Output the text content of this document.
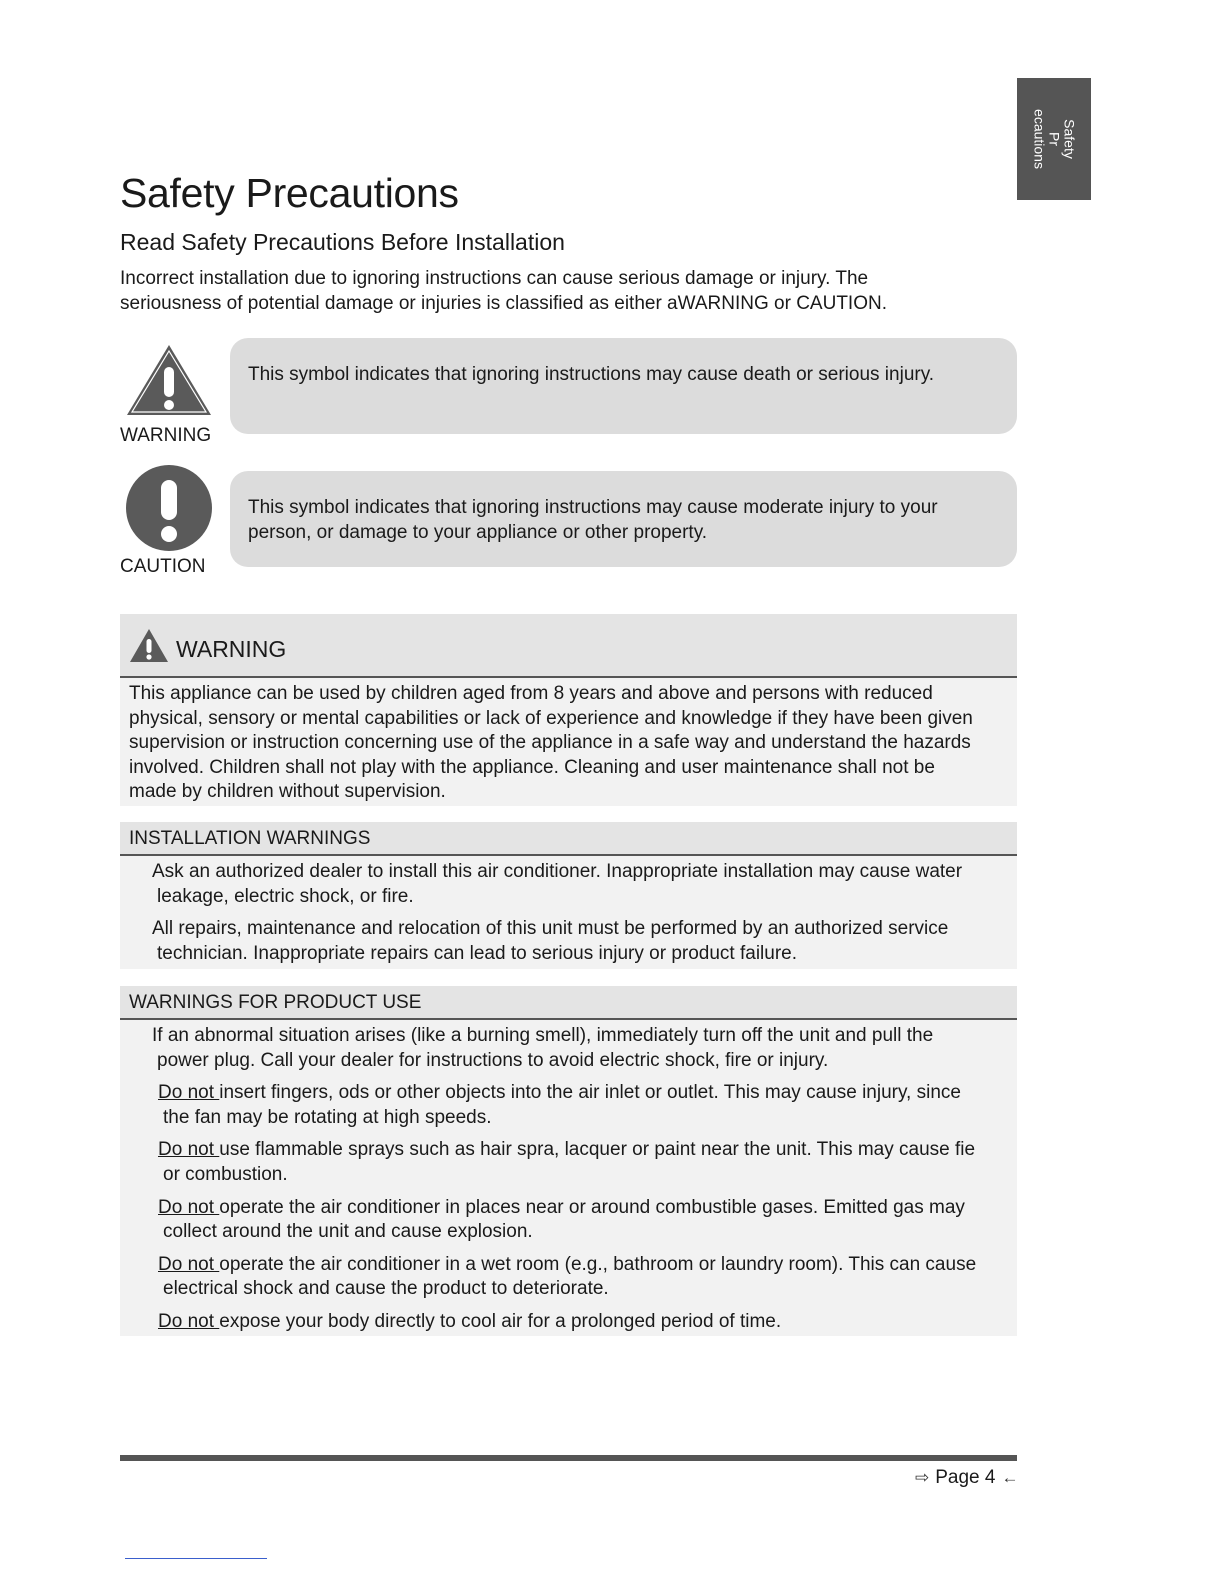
Safety
Pr
ecautions
Safety Precautions
Read Safety Precautions Before Installation

Incorrect installation due to ignoring instructions can cause serious damage or injury. The seriousness of potential damage or injuries is classified as either aWARNING or CAUTION.

WARNING
This symbol indicates that ignoring instructions may cause death or serious injury.
CAUTION
This symbol indicates that ignoring instructions may cause moderate injury to your person, or damage to your appliance or other property.
WARNING
This appliance can be used by children aged from 8 years and above and persons with reduced physical, sensory or mental capabilities or lack of experience and knowledge if they have been given supervision or instruction concerning use of the appliance in a safe way and understand the hazards involved. Children shall not play with the appliance. Cleaning and user maintenance shall not be made by children without supervision.
INSTALLATION WARNINGS

Ask an authorized dealer to install this air conditioner. Inappropriate installation may cause water leakage, electric shock, or fire.

All repairs, maintenance and relocation of this unit must be performed by an authorized service technician. Inappropriate repairs can lead to serious injury or product failure.

WARNINGS FOR PRODUCT USE

If an abnormal situation arises (like a burning smell), immediately turn off the unit and pull the power plug. Call your dealer for instructions to avoid electric shock, fire or injury.

Do not insert fingers, ods or other objects into the air inlet or outlet. This may cause injury, since the fan may be rotating at high speeds.

Do not use flammable sprays such as hair spra, lacquer or paint near the unit. This may cause fie or combustion.

Do not operate the air conditioner in places near or around combustible gases. Emitted gas may collect around the unit and cause explosion.

Do not operate the air conditioner in a wet room (e.g., bathroom or laundry room). This can cause electrical shock and cause the product to deteriorate.

Do not expose your body directly to cool air for a prolonged period of time.

⇨ Page 4 ←
